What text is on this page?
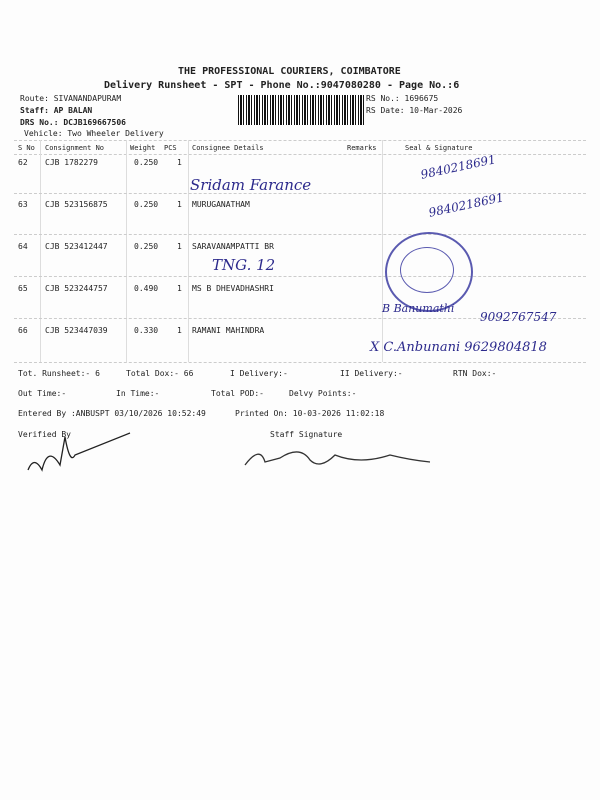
THE PROFESSIONAL COURIERS, COIMBATORE
Delivery Runsheet - SPT - Phone No.:9047080280 - Page No.:6
Route: SIVANANDAPURAM
Staff: AP BALAN
DRS No.: DCJB169667506
Vehicle: Two Wheeler Delivery
RS No.: 1696675
RS Date: 10-Mar-2026
S No Consignment No	Weight PCS Consignee Details	Remarks	Seal & Signature
62 CJB 1782279	0.250 1
63 CJB 523156875	0.250 1 MURUGANATHAM
64 CJB 523412447	0.250 1 SARAVANAMPATTI BR
65 CJB 523244757	0.490 1 MS B DHEVADHASHRI
66 CJB 523447039	0.330 1 RAMANI MAHINDRA
Sridam Farance
9840218691
9840218691
TNG. 12
B Banumathi
9092767547
X C.Anbunani 9629804818
Tot. Runsheet:- 6	Total Dox:- 66	I Delivery:-	II Delivery:-	RTN Dox:-
Out Time:-	In Time:-	Total POD:-	Delvy Points:-
Entered By :ANBUSPT 03/10/2026 10:52:49	Printed On: 10-03-2026 11:02:18
Verified By	Staff Signature
